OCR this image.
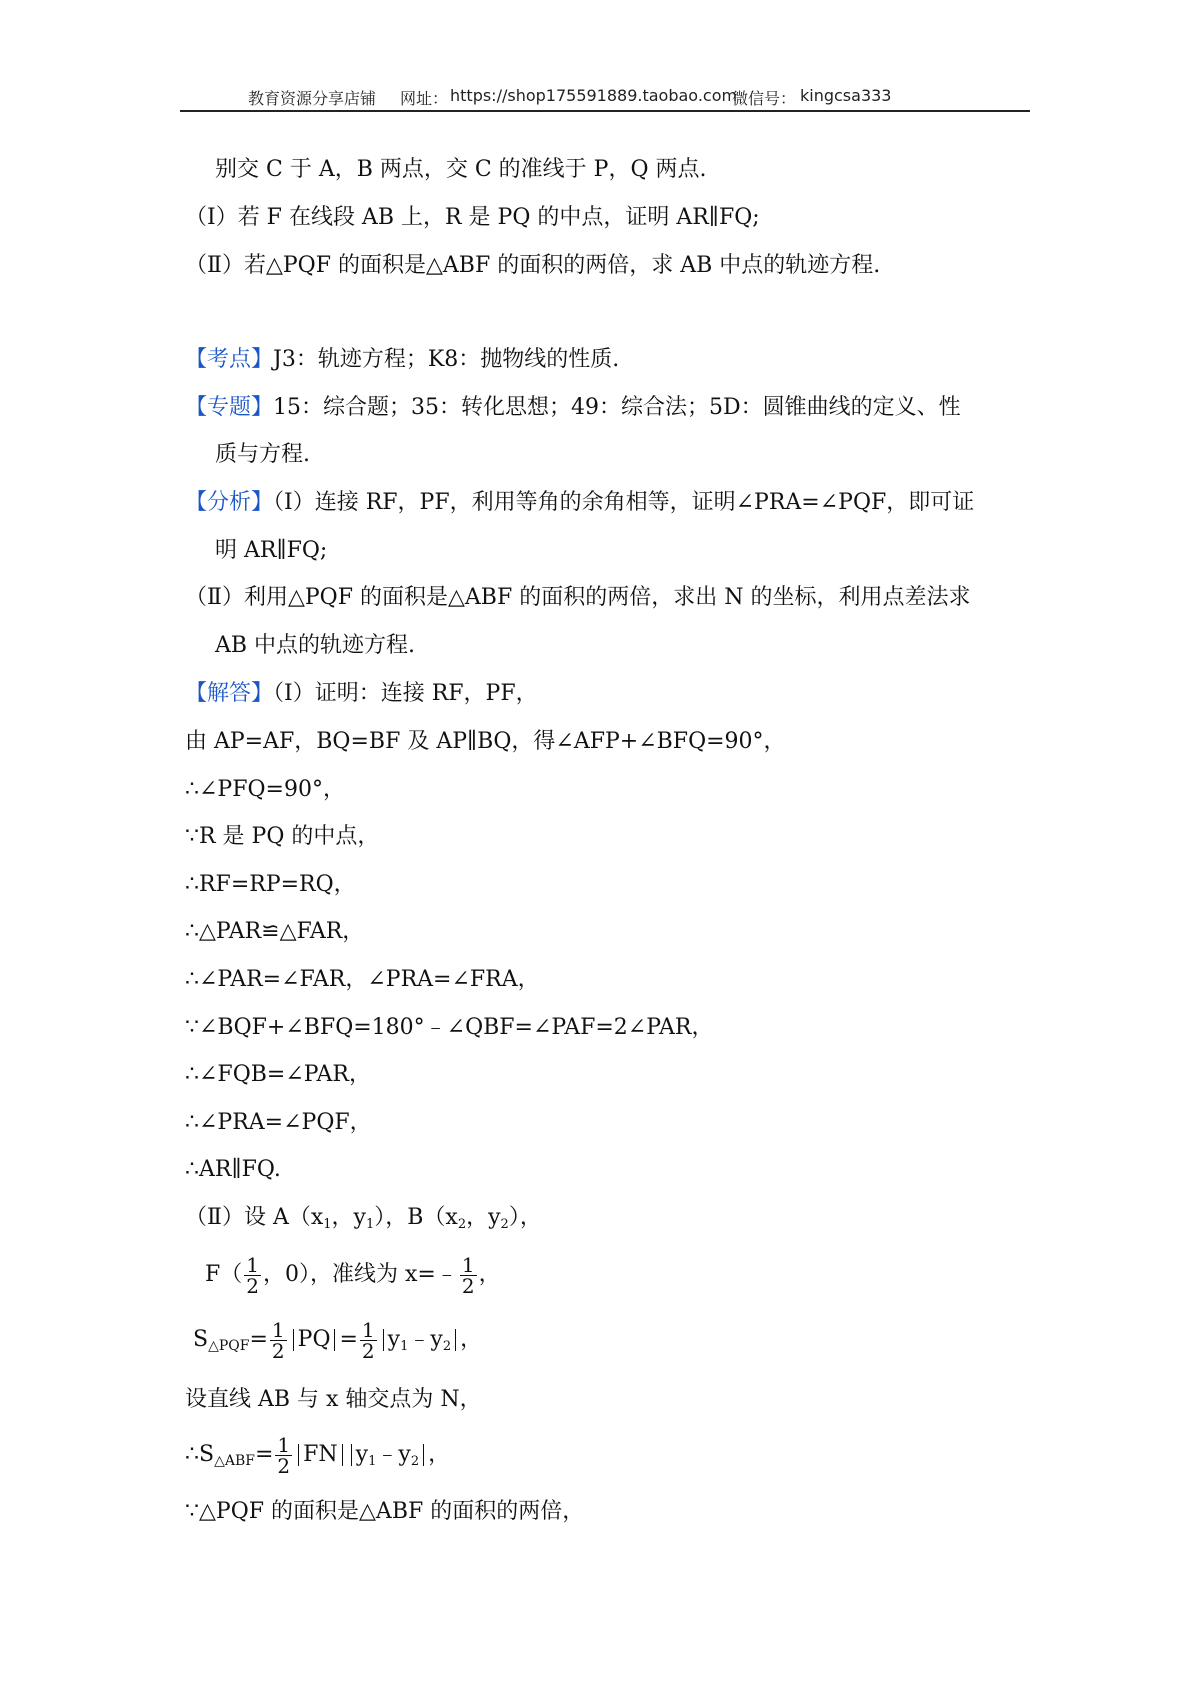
教育资源分享店铺 网址： https://shop175591889.taobao.com
微信号： kingcsa333
别交 C 于 A，B 两点，交 C 的准线于 P，Q 两点.
（Ⅰ）若 F 在线段 AB 上，R 是 PQ 的中点，证明 AR∥FQ;
（Ⅱ）若△PQF 的面积是△ABF 的面积的两倍，求 AB 中点的轨迹方程.
【考点】J3：轨迹方程；K8：抛物线的性质.
【专题】15：综合题；35：转化思想；49：综合法；5D：圆锥曲线的定义、性
质与方程.
【分析】（Ⅰ）连接 RF，PF，利用等角的余角相等，证明∠PRA=∠PQF，即可证
明 AR∥FQ;
（Ⅱ）利用△PQF 的面积是△ABF 的面积的两倍，求出 N 的坐标，利用点差法求
AB 中点的轨迹方程.
【解答】（Ⅰ）证明：连接 RF，PF，
由 AP=AF，BQ=BF 及 AP∥BQ，得∠AFP+∠BFQ=90°，
∴∠PFQ=90°，
∵R 是 PQ 的中点，
∴RF=RP=RQ，
∴△PAR≌△FAR，
∴∠PAR=∠FAR，∠PRA=∠FRA，
∵∠BQF+∠BFQ=180°﹣∠QBF=∠PAF=2∠PAR，
∴∠FQB=∠PAR，
∴∠PRA=∠PQF，
∴AR∥FQ.
（Ⅱ）设 $A(x_1$，$y_1$），$B(x_2$，$y_2$），
$F( \frac{1}{2}$ ，0），准线为 x=﹣ $\frac{1}{2}$ ，
S△PQF= $\frac{1}{2}$ PQ = $\frac{1}{2}$ $y_1﹣y_2$ ，
设直线 AB 与 x 轴交点为 N，
∴S△ABF= $\frac{1}{2}$ FN $y_1﹣y_2$ ，
∵△PQF 的面积是△ABF 的面积的两倍，
